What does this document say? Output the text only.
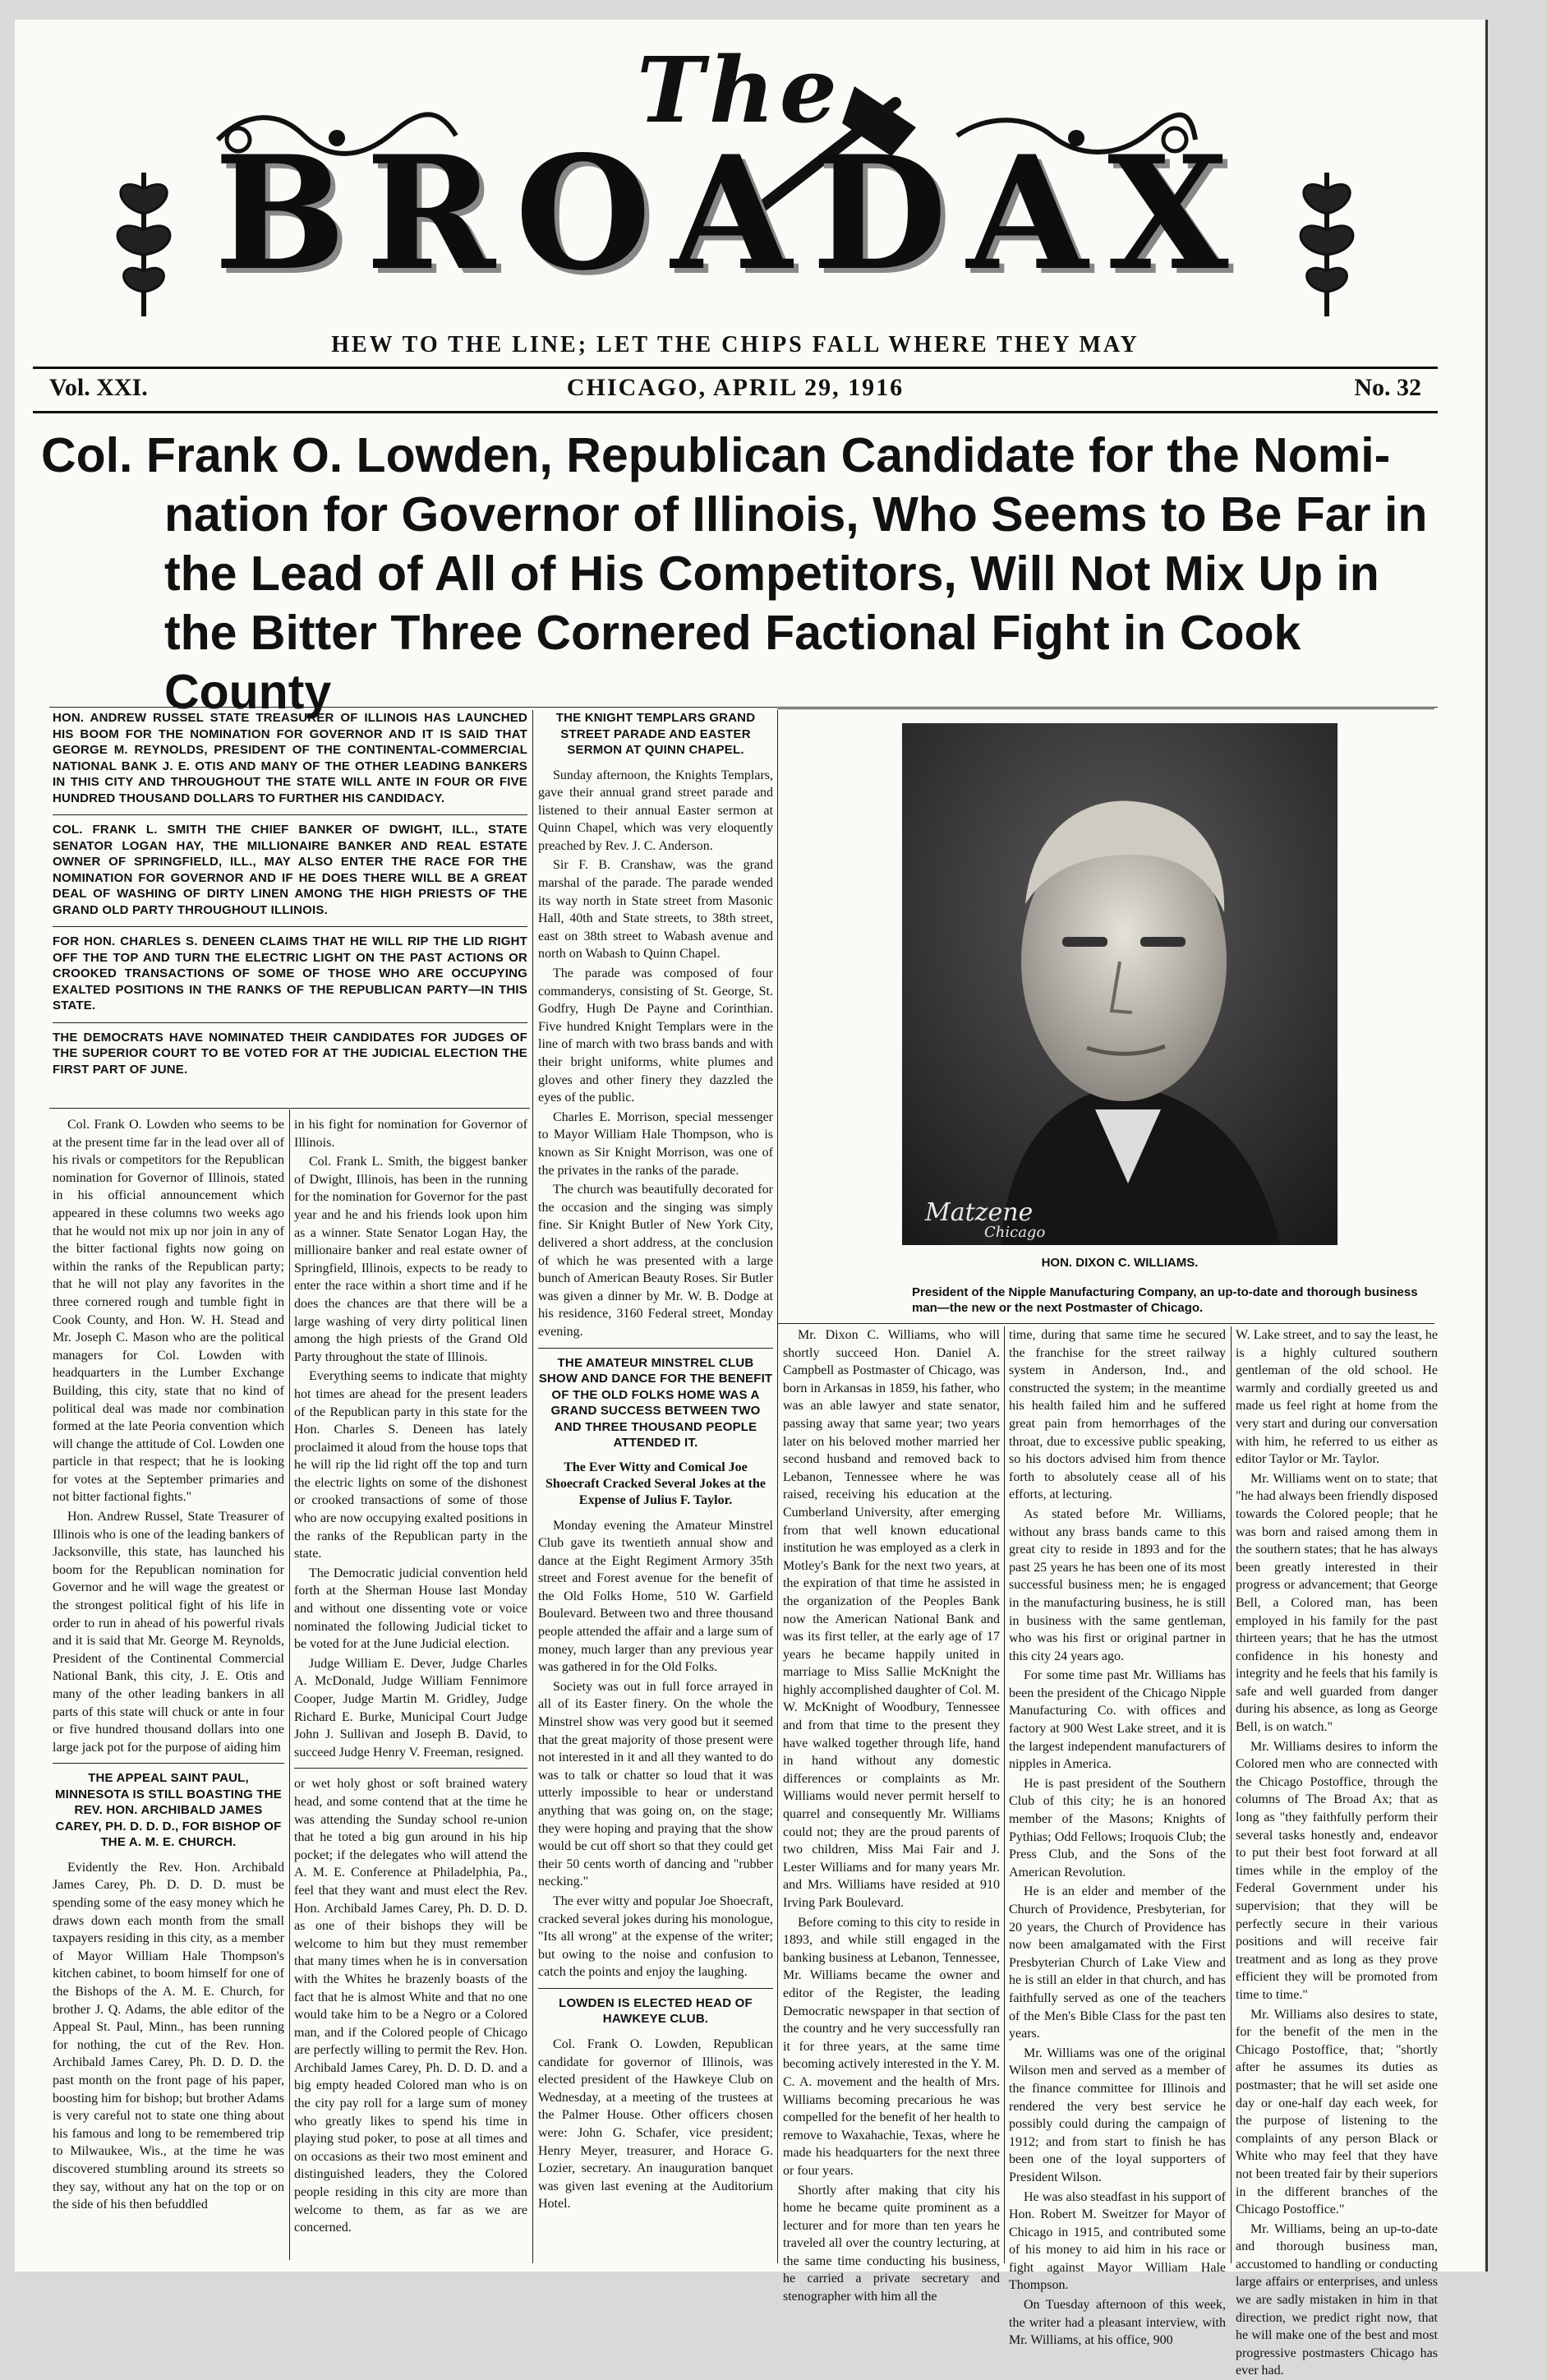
The
BROADAX
HEW TO THE LINE; LET THE CHIPS FALL WHERE THEY MAY
Vol. XXI.	CHICAGO, APRIL 29, 1916	No. 32
Col. Frank O. Lowden, Republican Candidate for the Nomi-
nation for Governor of Illinois, Who Seems to Be Far in
the Lead of All of His Competitors, Will Not Mix Up in
the Bitter Three Cornered Factional Fight in Cook
County
HON. ANDREW RUSSEL STATE TREASURER OF ILLINOIS HAS LAUNCHED HIS BOOM FOR THE NOMINATION FOR GOVERNOR AND IT IS SAID THAT GEORGE M. REYNOLDS, PRESIDENT OF THE CONTINENTAL-COMMERCIAL NATIONAL BANK J. E. OTIS AND MANY OF THE OTHER LEADING BANKERS IN THIS CITY AND THROUGHOUT THE STATE WILL ANTE IN FOUR OR FIVE HUNDRED THOUSAND DOLLARS TO FURTHER HIS CANDIDACY.
COL. FRANK L. SMITH THE CHIEF BANKER OF DWIGHT, ILL., STATE SENATOR LOGAN HAY, THE MILLIONAIRE BANKER AND REAL ESTATE OWNER OF SPRINGFIELD, ILL., MAY ALSO ENTER THE RACE FOR THE NOMINATION FOR GOVERNOR AND IF HE DOES THERE WILL BE A GREAT DEAL OF WASHING OF DIRTY LINEN AMONG THE HIGH PRIESTS OF THE GRAND OLD PARTY THROUGHOUT ILLINOIS.
FOR HON. CHARLES S. DENEEN CLAIMS THAT HE WILL RIP THE LID RIGHT OFF THE TOP AND TURN THE ELECTRIC LIGHT ON THE PAST ACTIONS OR CROOKED TRANSACTIONS OF SOME OF THOSE WHO ARE OCCUPYING EXALTED POSITIONS IN THE RANKS OF THE REPUBLICAN PARTY—IN THIS STATE.
THE DEMOCRATS HAVE NOMINATED THEIR CANDIDATES FOR JUDGES OF THE SUPERIOR COURT TO BE VOTED FOR AT THE JUDICIAL ELECTION THE FIRST PART OF JUNE.

Col. Frank O. Lowden who seems to be at the present time far in the lead over all of his rivals or competitors for the Republican nomination for Governor of Illinois, stated in his official announcement which appeared in these columns two weeks ago that he would not mix up nor join in any of the bitter factional fights now going on within the ranks of the Republican party; that he will not play any favorites in the three cornered rough and tumble fight in Cook County, and Hon. W. H. Stead and Mr. Joseph C. Mason who are the political managers for Col. Lowden with headquarters in the Lumber Exchange Building, this city, state that no kind of political deal was made nor combination formed at the late Peoria convention which will change the attitude of Col. Lowden one particle in that respect; that he is looking for votes at the September primaries and not bitter factional fights."

Hon. Andrew Russel, State Treasurer of Illinois who is one of the leading bankers of Jacksonville, this state, has launched his boom for the Republican nomination for Governor and he will wage the greatest or the strongest political fight of his life in order to run in ahead of his powerful rivals and it is said that Mr. George M. Reynolds, President of the Continental Commercial National Bank, this city, J. E. Otis and many of the other leading bankers in all parts of this state will chuck or ante in four or five hundred thousand dollars into one large jack pot for the purpose of aiding him

THE APPEAL SAINT PAUL, MINNESOTA IS STILL BOASTING THE REV. HON. ARCHIBALD JAMES CAREY, PH. D. D. D., FOR BISHOP OF THE A. M. E. CHURCH.

Evidently the Rev. Hon. Archibald James Carey, Ph. D. D. D. must be spending some of the easy money which he draws down each month from the small taxpayers residing in this city, as a member of Mayor William Hale Thompson's kitchen cabinet, to boom himself for one of the Bishops of the A. M. E. Church, for brother J. Q. Adams, the able editor of the Appeal St. Paul, Minn., has been running for nothing, the cut of the Rev. Hon. Archibald James Carey, Ph. D. D. D. the past month on the front page of his paper, boosting him for bishop; but brother Adams is very careful not to state one thing about his famous and long to be remembered trip to Milwaukee, Wis., at the time he was discovered stumbling around its streets so they say, without any hat on the top or on the side of his then befuddled

in his fight for nomination for Governor of Illinois.

Col. Frank L. Smith, the biggest banker of Dwight, Illinois, has been in the running for the nomination for Governor for the past year and he and his friends look upon him as a winner. State Senator Logan Hay, the millionaire banker and real estate owner of Springfield, Illinois, expects to be ready to enter the race within a short time and if he does the chances are that there will be a large washing of very dirty political linen among the high priests of the Grand Old Party throughout the state of Illinois.

Everything seems to indicate that mighty hot times are ahead for the present leaders of the Republican party in this state for the Hon. Charles S. Deneen has lately proclaimed it aloud from the house tops that he will rip the lid right off the top and turn the electric lights on some of the dishonest or crooked transactions of some of those who are now occupying exalted positions in the ranks of the Republican party in the state.

The Democratic judicial convention held forth at the Sherman House last Monday and without one dissenting vote or voice nominated the following Judicial ticket to be voted for at the June Judicial election.

Judge William E. Dever, Judge Charles A. McDonald, Judge William Fennimore Cooper, Judge Martin M. Gridley, Judge Richard E. Burke, Municipal Court Judge John J. Sullivan and Joseph B. David, to succeed Judge Henry V. Freeman, resigned.

or wet holy ghost or soft brained watery head, and some contend that at the time he was attending the Sunday school re-union that he toted a big gun around in his hip pocket; if the delegates who will attend the A. M. E. Conference at Philadelphia, Pa., feel that they want and must elect the Rev. Hon. Archibald James Carey, Ph. D. D. D. as one of their bishops they will be welcome to him but they must remember that many times when he is in conversation with the Whites he brazenly boasts of the fact that he is almost White and that no one would take him to be a Negro or a Colored man, and if the Colored people of Chicago are perfectly willing to permit the Rev. Hon. Archibald James Carey, Ph. D. D. D. and a big empty headed Colored man who is on the city pay roll for a large sum of money who greatly likes to spend his time in playing stud poker, to pose at all times and on occasions as their two most eminent and distinguished leaders, they the Colored people residing in this city are more than welcome to them, as far as we are concerned.

THE KNIGHT TEMPLARS GRAND STREET PARADE AND EASTER SERMON AT QUINN CHAPEL.

Sunday afternoon, the Knights Templars, gave their annual grand street parade and listened to their annual Easter sermon at Quinn Chapel, which was very eloquently preached by Rev. J. C. Anderson.

Sir F. B. Cranshaw, was the grand marshal of the parade. The parade wended its way north in State street from Masonic Hall, 40th and State streets, to 38th street, east on 38th street to Wabash avenue and north on Wabash to Quinn Chapel.

The parade was composed of four commanderys, consisting of St. George, St. Godfry, Hugh De Payne and Corinthian. Five hundred Knight Templars were in the line of march with two brass bands and with their bright uniforms, white plumes and gloves and other finery they dazzled the eyes of the public.

Charles E. Morrison, special messenger to Mayor William Hale Thompson, who is known as Sir Knight Morrison, was one of the privates in the ranks of the parade.

The church was beautifully decorated for the occasion and the singing was simply fine. Sir Knight Butler of New York City, delivered a short address, at the conclusion of which he was presented with a large bunch of American Beauty Roses. Sir Butler was given a dinner by Mr. W. B. Dodge at his residence, 3160 Federal street, Monday evening.

THE AMATEUR MINSTREL CLUB SHOW AND DANCE FOR THE BENEFIT OF THE OLD FOLKS HOME WAS A GRAND SUCCESS BETWEEN TWO AND THREE THOUSAND PEOPLE ATTENDED IT.
The Ever Witty and Comical Joe Shoecraft Cracked Several Jokes at the Expense of Julius F. Taylor.

Monday evening the Amateur Minstrel Club gave its twentieth annual show and dance at the Eight Regiment Armory 35th street and Forest avenue for the benefit of the Old Folks Home, 510 W. Garfield Boulevard. Between two and three thousand people attended the affair and a large sum of money, much larger than any previous year was gathered in for the Old Folks.

Society was out in full force arrayed in all of its Easter finery. On the whole the Minstrel show was very good but it seemed that the great majority of those present were not interested in it and all they wanted to do was to talk or chatter so loud that it was utterly impossible to hear or understand anything that was going on, on the stage; they were hoping and praying that the show would be cut off short so that they could get their 50 cents worth of dancing and "rubber necking."

The ever witty and popular Joe Shoecraft, cracked several jokes during his monologue, "Its all wrong" at the expense of the writer; but owing to the noise and confusion to catch the points and enjoy the laughing.

LOWDEN IS ELECTED HEAD OF HAWKEYE CLUB.

Col. Frank O. Lowden, Republican candidate for governor of Illinois, was elected president of the Hawkeye Club on Wednesday, at a meeting of the trustees at the Palmer House. Other officers chosen were: John G. Schafer, vice president; Henry Meyer, treasurer, and Horace G. Lozier, secretary. An inauguration banquet was given last evening at the Auditorium Hotel.

Matzene
Chicago
HON. DIXON C. WILLIAMS.
President of the Nipple Manufacturing Company, an up-to-date and thorough business man—the new or the next Postmaster of Chicago.

Mr. Dixon C. Williams, who will shortly succeed Hon. Daniel A. Campbell as Postmaster of Chicago, was born in Arkansas in 1859, his father, who was an able lawyer and state senator, passing away that same year; two years later on his beloved mother married her second husband and removed back to Lebanon, Tennessee where he was raised, receiving his education at the Cumberland University, after emerging from that well known educational institution he was employed as a clerk in Motley's Bank for the next two years, at the expiration of that time he assisted in the organization of the Peoples Bank now the American National Bank and was its first teller, at the early age of 17 years he became happily united in marriage to Miss Sallie McKnight the highly accomplished daughter of Col. M. W. McKnight of Woodbury, Tennessee and from that time to the present they have walked together through life, hand in hand without any domestic differences or complaints as Mr. Williams would never permit herself to quarrel and consequently Mr. Williams could not; they are the proud parents of two children, Miss Mai Fair and J. Lester Williams and for many years Mr. and Mrs. Williams have resided at 910 Irving Park Boulevard.

Before coming to this city to reside in 1893, and while still engaged in the banking business at Lebanon, Tennessee, Mr. Williams became the owner and editor of the Register, the leading Democratic newspaper in that section of the country and he very successfully ran it for three years, at the same time becoming actively interested in the Y. M. C. A. movement and the health of Mrs. Williams becoming precarious he was compelled for the benefit of her health to remove to Waxahachie, Texas, where he made his headquarters for the next three or four years.

Shortly after making that city his home he became quite prominent as a lecturer and for more than ten years he traveled all over the country lecturing, at the same time conducting his business, he carried a private secretary and stenographer with him all the

time, during that same time he secured the franchise for the street railway system in Anderson, Ind., and constructed the system; in the meantime his health failed him and he suffered great pain from hemorrhages of the throat, due to excessive public speaking, so his doctors advised him from thence forth to absolutely cease all of his efforts, at lecturing.

As stated before Mr. Williams, without any brass bands came to this great city to reside in 1893 and for the past 25 years he has been one of its most successful business men; he is engaged in the manufacturing business, he is still in business with the same gentleman, who was his first or original partner in this city 24 years ago.

For some time past Mr. Williams has been the president of the Chicago Nipple Manufacturing Co. with offices and factory at 900 West Lake street, and it is the largest independent manufacturers of nipples in America.

He is past president of the Southern Club of this city; he is an honored member of the Masons; Knights of Pythias; Odd Fellows; Iroquois Club; the Press Club, and the Sons of the American Revolution.

He is an elder and member of the Church of Providence, Presbyterian, for 20 years, the Church of Providence has now been amalgamated with the First Presbyterian Church of Lake View and he is still an elder in that church, and has faithfully served as one of the teachers of the Men's Bible Class for the past ten years.

Mr. Williams was one of the original Wilson men and served as a member of the finance committee for Illinois and rendered the very best service he possibly could during the campaign of 1912; and from start to finish he has been one of the loyal supporters of President Wilson.

He was also steadfast in his support of Hon. Robert M. Sweitzer for Mayor of Chicago in 1915, and contributed some of his money to aid him in his race or fight against Mayor William Hale Thompson.

On Tuesday afternoon of this week, the writer had a pleasant interview, with Mr. Williams, at his office, 900

W. Lake street, and to say the least, he is a highly cultured southern gentleman of the old school. He warmly and cordially greeted us and made us feel right at home from the very start and during our conversation with him, he referred to us either as editor Taylor or Mr. Taylor.

Mr. Williams went on to state; that "he had always been friendly disposed towards the Colored people; that he was born and raised among them in the southern states; that he has always been greatly interested in their progress or advancement; that George Bell, a Colored man, has been employed in his family for the past thirteen years; that he has the utmost confidence in his honesty and integrity and he feels that his family is safe and well guarded from danger during his absence, as long as George Bell, is on watch."

Mr. Williams desires to inform the Colored men who are connected with the Chicago Postoffice, through the columns of The Broad Ax; that as long as "they faithfully perform their several tasks honestly and, endeavor to put their best foot forward at all times while in the employ of the Federal Government under his supervision; that they will be perfectly secure in their various positions and will receive fair treatment and as long as they prove efficient they will be promoted from time to time."

Mr. Williams also desires to state, for the benefit of the men in the Chicago Postoffice, that; "shortly after he assumes its duties as postmaster; that he will set aside one day or one-half day each week, for the purpose of listening to the complaints of any person Black or White who may feel that they have not been treated fair by their superiors in the different branches of the Chicago Postoffice."

Mr. Williams, being an up-to-date and thorough business man, accustomed to handling or conducting large affairs or enterprises, and unless we are sadly mistaken in him in that direction, we predict right now, that he will make one of the best and most progressive postmasters Chicago has ever had.
